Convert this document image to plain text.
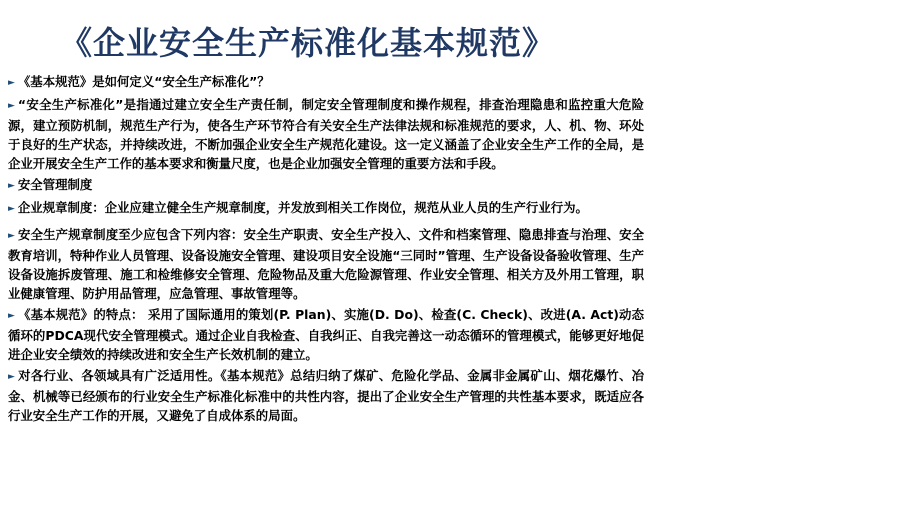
《企业安全生产标准化基本规范》

► 《基本规范》是如何定义“安全生产标准化”？

► “安全生产标准化”是指通过建立安全生产责任制，制定安全管理制度和操作规程，排查治理隐患和监控重大危险源，建立预防机制，规范生产行为，使各生产环节符合有关安全生产法律法规和标准规范的要求，人、机、物、环处于良好的生产状态，并持续改进，不断加强企业安全生产规范化建设。这一定义涵盖了企业安全生产工作的全局，是企业开展安全生产工作的基本要求和衡量尺度，也是企业加强安全管理的重要方法和手段。

► 安全管理制度

► 企业规章制度：企业应建立健全生产规章制度，并发放到相关工作岗位，规范从业人员的生产行业行为。

► 安全生产规章制度至少应包含下列内容：安全生产职责、安全生产投入、文件和档案管理、隐患排查与治理、安全教育培训，特种作业人员管理、设备设施安全管理、建设项目安全设施“三同时”管理、生产设备设备验收管理、生产设备设施拆废管理、施工和检维修安全管理、危险物品及重大危险源管理、作业安全管理、相关方及外用工管理，职业健康管理、防护用品管理，应急管理、事故管理等。

► 《基本规范》的特点： 采用了国际通用的策划(P. Plan)、实施(D. Do)、检查(C. Check)、改进(A. Act)动态循环的PDCA现代安全管理模式。通过企业自我检查、自我纠正、自我完善这一动态循环的管理模式，能够更好地促进企业安全绩效的持续改进和安全生产长效机制的建立。

► 对各行业、各领域具有广泛适用性。《基本规范》总结归纳了煤矿、危险化学品、金属非金属矿山、烟花爆竹、冶金、机械等已经颁布的行业安全生产标准化标准中的共性内容，提出了企业安全生产管理的共性基本要求，既适应各行业安全生产工作的开展，又避免了自成体系的局面。
